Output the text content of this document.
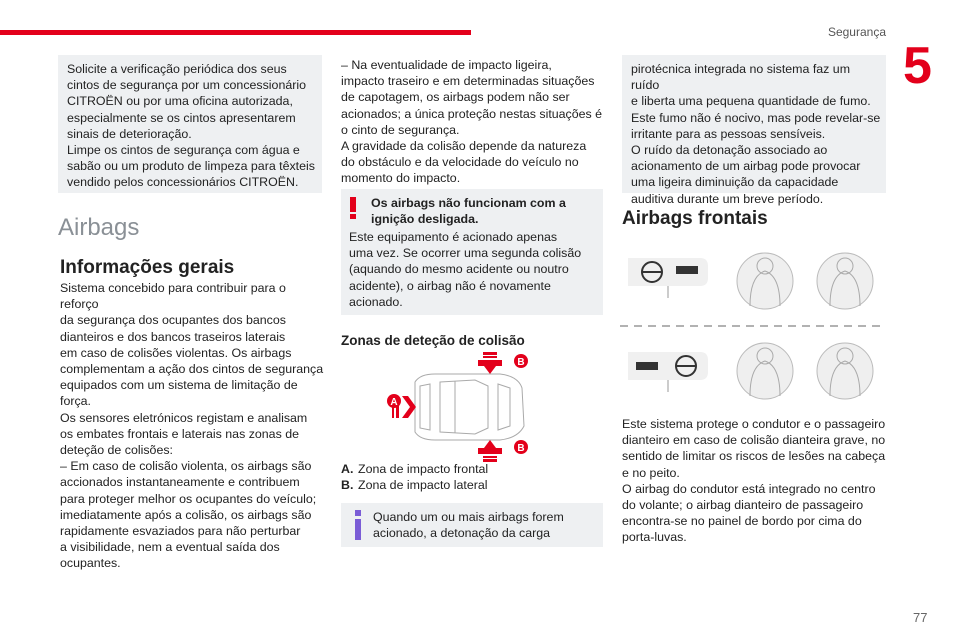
Segurança
5

Solicite a verificação periódica dos seus
cintos de segurança por um concessionário
CITROËN ou por uma oficina autorizada,
especialmente se os cintos apresentarem
sinais de deterioração.
Limpe os cintos de segurança com água e
sabão ou um produto de limpeza para têxteis
vendido pelos concessionários CITROËN.

Airbags
Informações gerais
Sistema concebido para contribuir para o reforço
da segurança dos ocupantes dos bancos
dianteiros e dos bancos traseiros laterais
em caso de colisões violentas. Os airbags
complementam a ação dos cintos de segurança
equipados com um sistema de limitação de
força.
Os sensores eletrónicos registam e analisam
os embates frontais e laterais nas zonas de
deteção de colisões:
– Em caso de colisão violenta, os airbags são
accionados instantaneamente e contribuem
para proteger melhor os ocupantes do veículo;
imediatamente após a colisão, os airbags são
rapidamente esvaziados para não perturbar
a visibilidade, nem a eventual saída dos
ocupantes.
– Na eventualidade de impacto ligeira,
impacto traseiro e em determinadas situações
de capotagem, os airbags podem não ser
acionados; a única proteção nestas situações é
o cinto de segurança.
A gravidade da colisão depende da natureza
do obstáculo e da velocidade do veículo no
momento do impacto.
Os airbags não funcionam com a
ignição desligada.
Este equipamento é acionado apenas
uma vez. Se ocorrer uma segunda colisão
(aquando do mesmo acidente ou noutro
acidente), o airbag não é novamente
acionado.
Zonas de deteção de colisão
B
B
A
A. Zona de impacto frontal
B. Zona de impacto lateral
Quando um ou mais airbags forem
acionado, a detonação da carga

pirotécnica integrada no sistema faz um ruído
e liberta uma pequena quantidade de fumo.
Este fumo não é nocivo, mas pode revelar-se
irritante para as pessoas sensíveis.
O ruído da detonação associado ao
acionamento de um airbag pode provocar
uma ligeira diminuição da capacidade
auditiva durante um breve período.

Airbags frontais
Este sistema protege o condutor e o passageiro
dianteiro em caso de colisão dianteira grave, no
sentido de limitar os riscos de lesões na cabeça
e no peito.
O airbag do condutor está integrado no centro
do volante; o airbag dianteiro de passageiro
encontra-se no painel de bordo por cima do
porta-luvas.
77
